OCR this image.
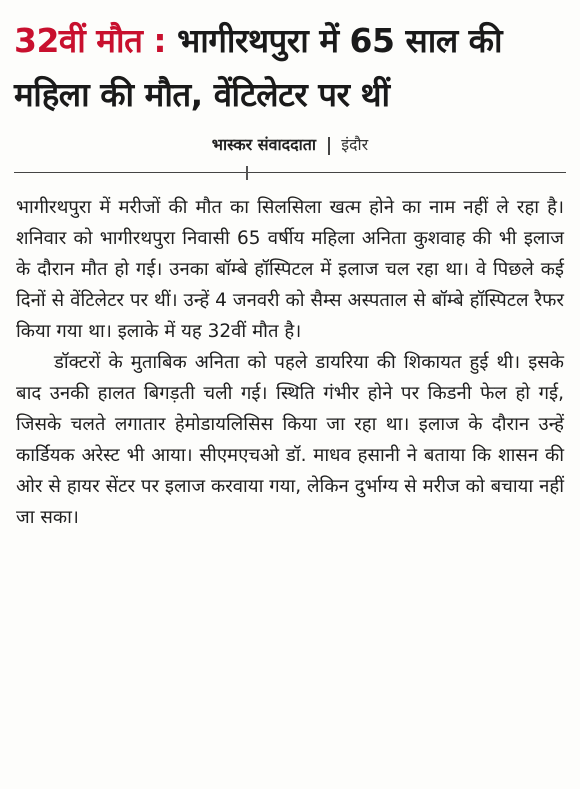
32वीं मौत : भागीरथपुरा में 65 साल की महिला की मौत, वेंटिलेटर पर थीं
भास्कर संवाददाता इंदौर

भागीरथपुरा में मरीजों की मौत का सिलसिला खत्म होने का नाम नहीं ले रहा है। शनिवार को भागीरथपुरा निवासी 65 वर्षीय महिला अनिता कुशवाह की भी इलाज के दौरान मौत हो गई। उनका बॉम्बे हॉस्पिटल में इलाज चल रहा था। वे पिछले कई दिनों से वेंटिलेटर पर थीं। उन्हें 4 जनवरी को सैम्स अस्पताल से बॉम्बे हॉस्पिटल रैफर किया गया था। इलाके में यह 32वीं मौत है।

डॉक्टरों के मुताबिक अनिता को पहले डायरिया की शिकायत हुई थी। इसके बाद उनकी हालत बिगड़ती चली गई। स्थिति गंभीर होने पर किडनी फेल हो गई, जिसके चलते लगातार हेमोडायलिसिस किया जा रहा था। इलाज के दौरान उन्हें कार्डियक अरेस्ट भी आया। सीएमएचओ डॉ. माधव हसानी ने बताया कि शासन की ओर से हायर सेंटर पर इलाज करवाया गया, लेकिन दुर्भाग्य से मरीज को बचाया नहीं जा सका।
